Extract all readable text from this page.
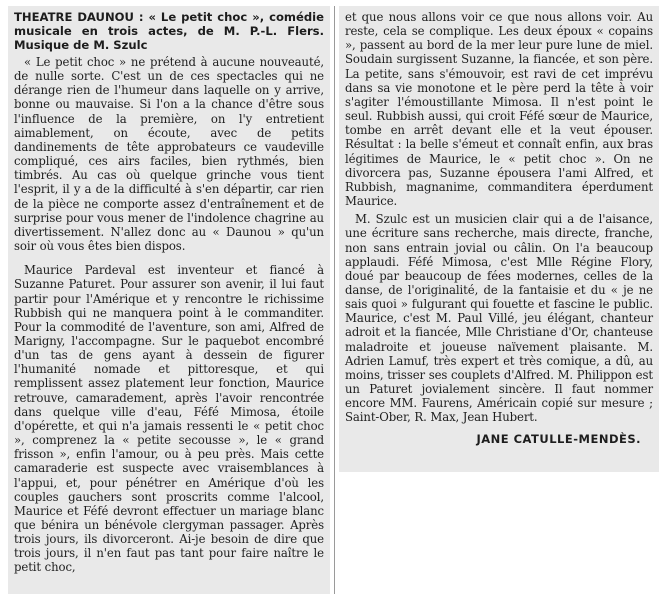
THEATRE DAUNOU : « Le petit choc », comédie musicale en trois actes, de M. P.-L. Flers. Musique de M. Szulc

« Le petit choc » ne prétend à aucune nouveauté, de nulle sorte. C'est un de ces spectacles qui ne dérange rien de l'humeur dans laquelle on y arrive, bonne ou mauvaise. Si l'on a la chance d'être sous l'influence de la première, on l'y entretient aimablement, on écoute, avec de petits dandinements de tête approbateurs ce vaudeville compliqué, ces airs faciles, bien rythmés, bien timbrés. Au cas où quelque grinche vous tient l'esprit, il y a de la difficulté à s'en départir, car rien de la pièce ne comporte assez d'entraînement et de surprise pour vous mener de l'indolence chagrine au divertissement. N'allez donc au « Daunou » qu'un soir où vous êtes bien dispos.

Maurice Pardeval est inventeur et fiancé à Suzanne Paturet. Pour assurer son avenir, il lui faut partir pour l'Amérique et y rencontre le richissime Rubbish qui ne manquera point à le commanditer. Pour la commodité de l'aventure, son ami, Alfred de Marigny, l'accompagne. Sur le paquebot encombré d'un tas de gens ayant à dessein de figurer l'humanité nomade et pittoresque, et qui remplissent assez platement leur fonction, Maurice retrouve, camaradement, après l'avoir rencontrée dans quelque ville d'eau, Féfé Mimosa, étoile d'opérette, et qui n'a jamais ressenti le « petit choc », comprenez la « petite secousse », le « grand frisson », enfin l'amour, ou à peu près. Mais cette camaraderie est suspecte avec vraisemblances à l'appui, et, pour pénétrer en Amérique d'où les couples gauchers sont proscrits comme l'alcool, Maurice et Féfé devront effectuer un mariage blanc que bénira un bénévole clergyman passager. Après trois jours, ils divorceront. Ai-je besoin de dire que trois jours, il n'en faut pas tant pour faire naître le petit choc,

et que nous allons voir ce que nous allons voir. Au reste, cela se complique. Les deux époux « copains », passent au bord de la mer leur pure lune de miel. Soudain surgissent Suzanne, la fiancée, et son père. La petite, sans s'émouvoir, est ravi de cet imprévu dans sa vie monotone et le père perd la tête à voir s'agiter l'émoustillante Mimosa. Il n'est point le seul. Rubbish aussi, qui croit Féfé sœur de Maurice, tombe en arrêt devant elle et la veut épouser. Résultat : la belle s'émeut et connaît enfin, aux bras légitimes de Maurice, le « petit choc ». On ne divorcera pas, Suzanne épousera l'ami Alfred, et Rubbish, magnanime, commanditera éperdument Maurice.

M. Szulc est un musicien clair qui a de l'aisance, une écriture sans recherche, mais directe, franche, non sans entrain jovial ou câlin. On l'a beaucoup applaudi. Féfé Mimosa, c'est Mlle Régine Flory, doué par beaucoup de fées modernes, celles de la danse, de l'originalité, de la fantaisie et du « je ne sais quoi » fulgurant qui fouette et fascine le public. Maurice, c'est M. Paul Villé, jeu élégant, chanteur adroit et la fiancée, Mlle Christiane d'Or, chanteuse maladroite et joueuse naïvement plaisante. M. Adrien Lamuf, très expert et très comique, a dû, au moins, trisser ses couplets d'Alfred. M. Philippon est un Paturet jovialement sincère. Il faut nommer encore MM. Faurens, Américain copié sur mesure ; Saint-Ober, R. Max, Jean Hubert.

JANE CATULLE-MENDÈS.
